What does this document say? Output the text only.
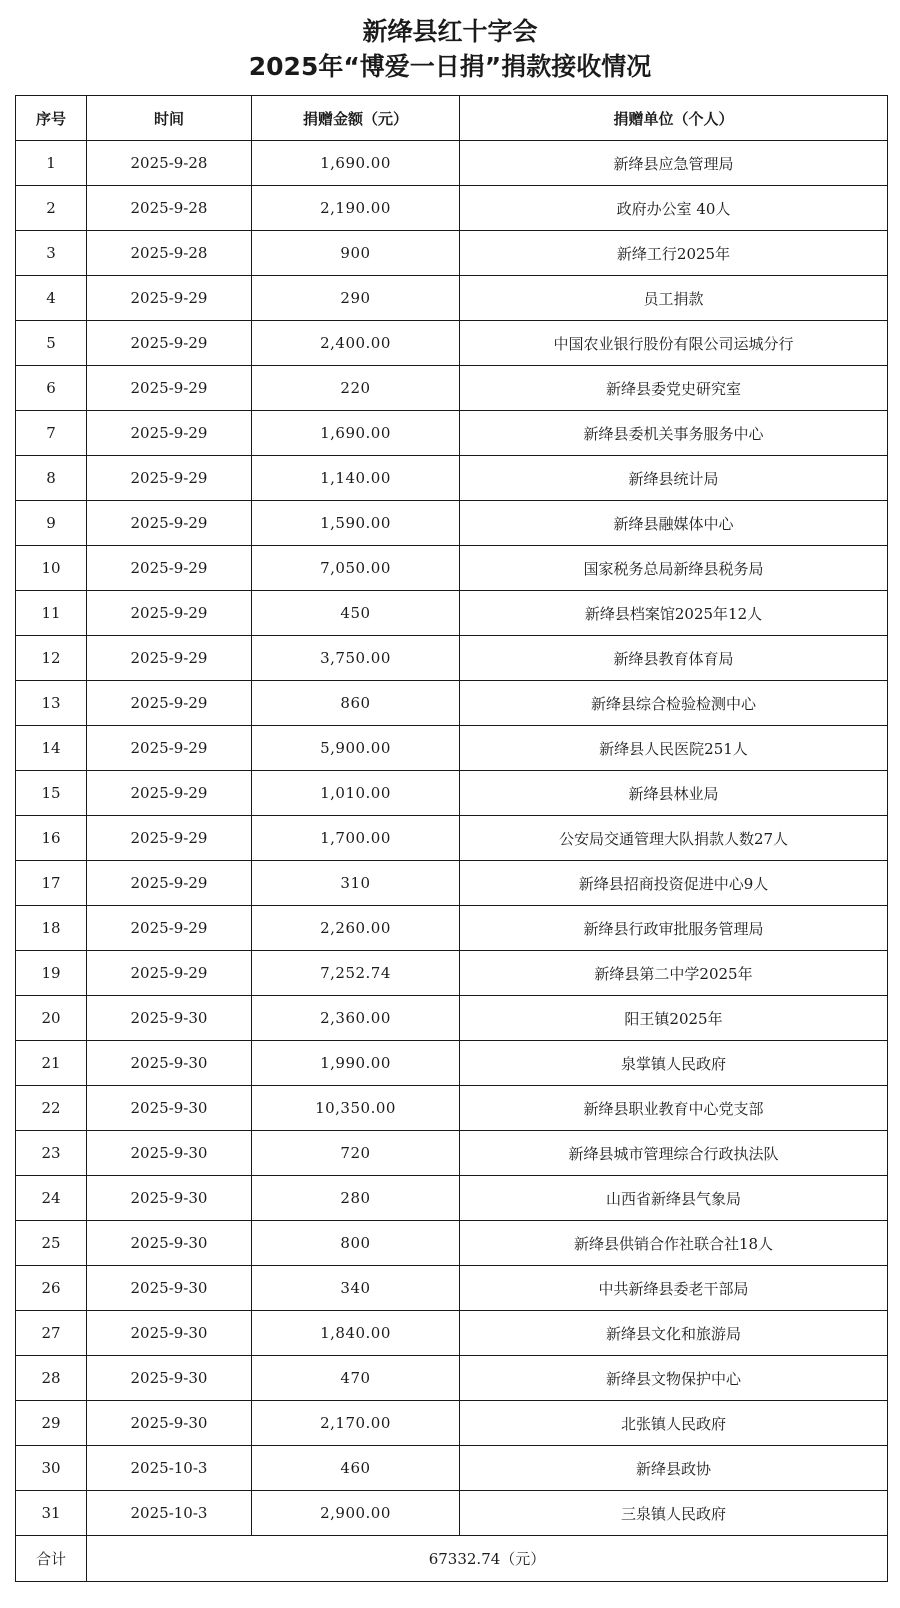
新绛县红十字会
2025年“博爱一日捐”捐款接收情况
序号	时间	捐赠金额（元）	捐赠单位（个人）
1	2025-9-28	1,690.00	新绛县应急管理局
2	2025-9-28	2,190.00	政府办公室 40人
3	2025-9-28	900	新绛工行2025年
4	2025-9-29	290	员工捐款
5	2025-9-29	2,400.00	中国农业银行股份有限公司运城分行
6	2025-9-29	220	新绛县委党史研究室
7	2025-9-29	1,690.00	新绛县委机关事务服务中心
8	2025-9-29	1,140.00	新绛县统计局
9	2025-9-29	1,590.00	新绛县融媒体中心
10	2025-9-29	7,050.00	国家税务总局新绛县税务局
11	2025-9-29	450	新绛县档案馆2025年12人
12	2025-9-29	3,750.00	新绛县教育体育局
13	2025-9-29	860	新绛县综合检验检测中心
14	2025-9-29	5,900.00	新绛县人民医院251人
15	2025-9-29	1,010.00	新绛县林业局
16	2025-9-29	1,700.00	公安局交通管理大队捐款人数27人
17	2025-9-29	310	新绛县招商投资促进中心9人
18	2025-9-29	2,260.00	新绛县行政审批服务管理局
19	2025-9-29	7,252.74	新绛县第二中学2025年
20	2025-9-30	2,360.00	阳王镇2025年
21	2025-9-30	1,990.00	泉掌镇人民政府
22	2025-9-30	10,350.00	新绛县职业教育中心党支部
23	2025-9-30	720	新绛县城市管理综合行政执法队
24	2025-9-30	280	山西省新绛县气象局
25	2025-9-30	800	新绛县供销合作社联合社18人
26	2025-9-30	340	中共新绛县委老干部局
27	2025-9-30	1,840.00	新绛县文化和旅游局
28	2025-9-30	470	新绛县文物保护中心
29	2025-9-30	2,170.00	北张镇人民政府
30	2025-10-3	460	新绛县政协
31	2025-10-3	2,900.00	三泉镇人民政府
合计	67332.74（元）		
